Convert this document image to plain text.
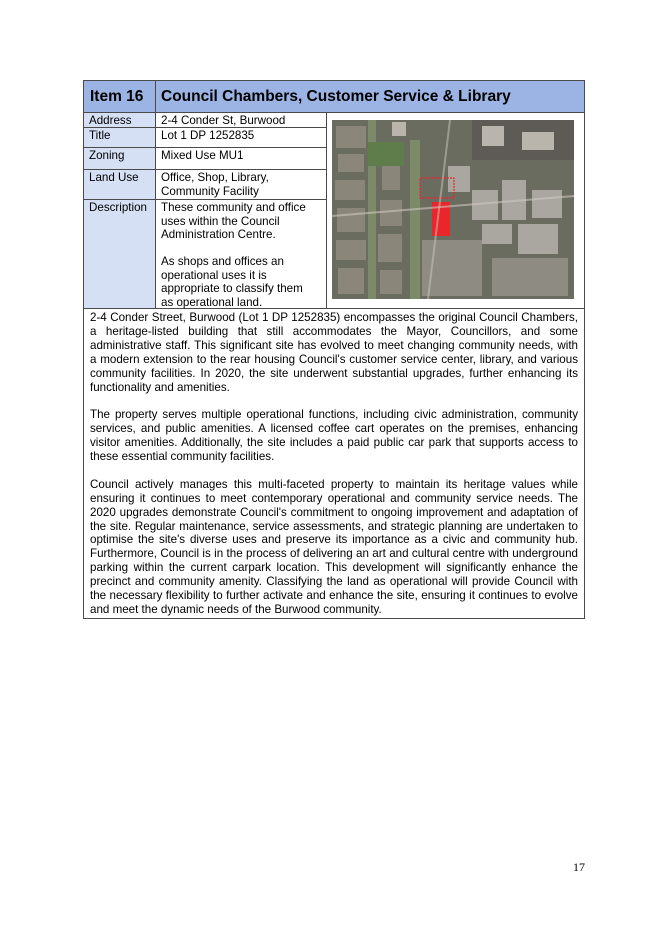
Item 16	Council Chambers, Customer Service & Library
Address	2-4 Conder St, Burwood
Title	Lot 1 DP 1252835
Zoning	Mixed Use MU1
Land Use	Office, Shop, Library,
Community Facility
Description	These community and office
uses within the Council
Administration Centre.

As shops and offices an
operational uses it is
appropriate to classify them
as operational land.

2-4 Conder Street, Burwood (Lot 1 DP 1252835) encompasses the original Council Chambers, a heritage-listed building that still accommodates the Mayor, Councillors, and some administrative staff. This significant site has evolved to meet changing community needs, with a modern extension to the rear housing Council's customer service center, library, and various community facilities. In 2020, the site underwent substantial upgrades, further enhancing its functionality and amenities.

The property serves multiple operational functions, including civic administration, community services, and public amenities. A licensed coffee cart operates on the premises, enhancing visitor amenities. Additionally, the site includes a paid public car park that supports access to these essential community facilities.

Council actively manages this multi-faceted property to maintain its heritage values while ensuring it continues to meet contemporary operational and community service needs. The 2020 upgrades demonstrate Council's commitment to ongoing improvement and adaptation of the site. Regular maintenance, service assessments, and strategic planning are undertaken to optimise the site's diverse uses and preserve its importance as a civic and community hub. Furthermore, Council is in the process of delivering an art and cultural centre with underground parking within the current carpark location. This development will significantly enhance the precinct and community amenity. Classifying the land as operational will provide Council with the necessary flexibility to further activate and enhance the site, ensuring it continues to evolve and meet the dynamic needs of the Burwood community.

17
